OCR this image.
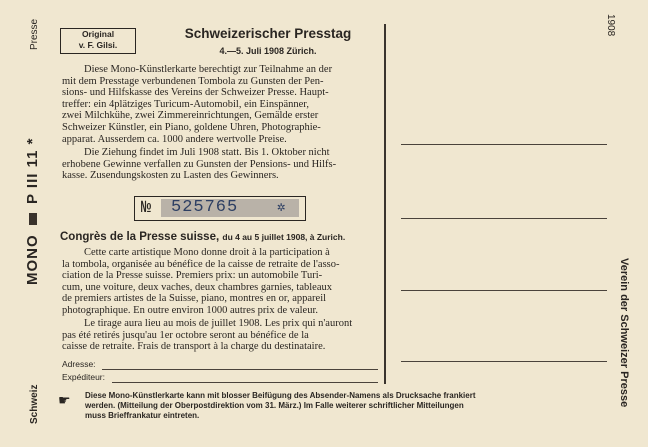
Presse
MONO  P III 11 *
Schweiz
1908
Verein der Schweizer Presse
Original
v. F. Gilsi.
Schweizerischer Presstag
4.—5. Juli 1908 Zürich.
Diese Mono-Künstlerkarte berechtigt zur Teilnahme an der
mit dem Presstage verbundenen Tombola zu Gunsten der Pen-
sions- und Hilfskasse des Vereins der Schweizer Presse. Haupt-
treffer: ein 4plätziges Turicum-Automobil, ein Einspänner,
zwei Milchkühe, zwei Zimmereinrichtungen, Gemälde erster
Schweizer Künstler, ein Piano, goldene Uhren, Photographie-
apparat. Ausserdem ca. 1000 andere wertvolle Preise.
Die Ziehung findet im Juli 1908 statt. Bis 1. Oktober nicht
erhobene Gewinne verfallen zu Gunsten der Pensions- und Hilfs-
kasse. Zusendungskosten zu Lasten des Gewinners.
№ 525765	✲
Congrès de la Presse suisse, du 4 au 5 juillet 1908, à Zurich.
Cette carte artistique Mono donne droit à la participation à
la tombola, organisée au bénéfice de la caisse de retraite de l'asso-
ciation de la Presse suisse. Premiers prix: un automobile Turi-
cum, une voiture, deux vaches, deux chambres garnies, tableaux
de premiers artistes de la Suisse, piano, montres en or, appareil
photographique. En outre environ 1000 autres prix de valeur.
Le tirage aura lieu au mois de juillet 1908. Les prix qui n'auront
pas été retirés jusqu'au 1er octobre seront au bénéfice de la
caisse de retraite. Frais de transport à la charge du destinataire.
Adresse:
Expéditeur:
☛ Diese Mono-Künstlerkarte kann mit blosser Beifügung des Absender-Namens als Drucksache frankiert
werden. (Mitteilung der Oberpostdirektion vom 31. März.) Im Falle weiterer schriftlicher Mitteilungen
muss Brieffrankatur eintreten.
